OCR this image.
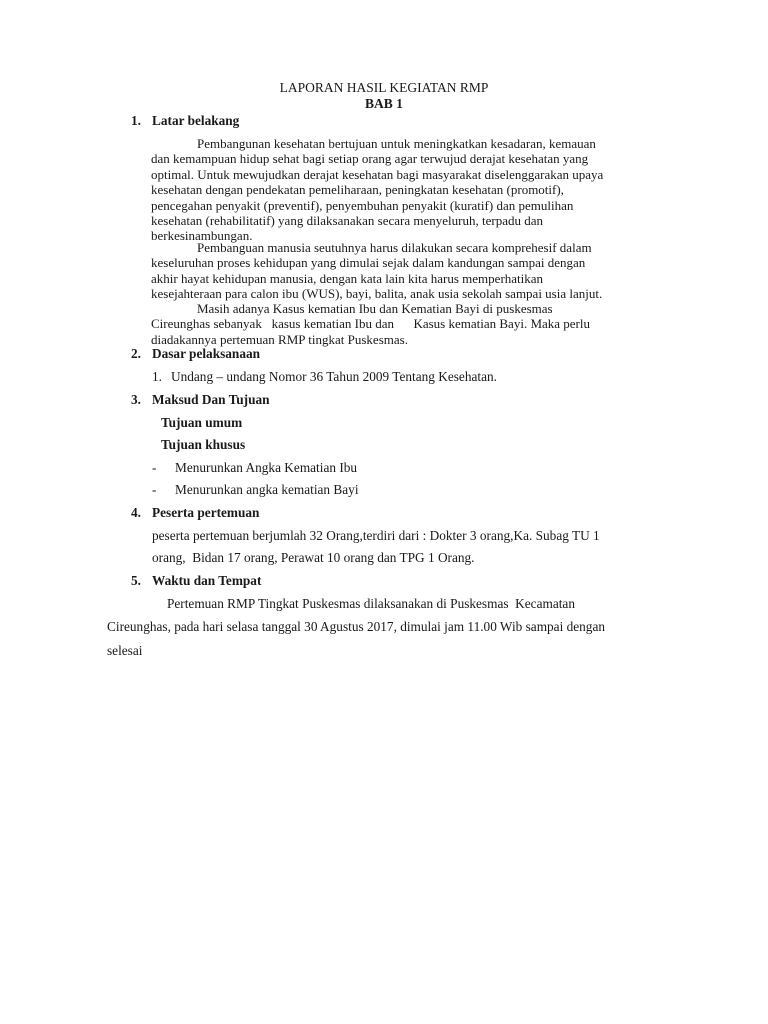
LAPORAN HASIL KEGIATAN RMP
BAB 1
1. Latar belakang
Pembangunan kesehatan bertujuan untuk meningkatkan kesadaran, kemauan
dan kemampuan hidup sehat bagi setiap orang agar terwujud derajat kesehatan yang
optimal. Untuk mewujudkan derajat kesehatan bagi masyarakat diselenggarakan upaya
kesehatan dengan pendekatan pemeliharaan, peningkatan kesehatan (promotif),
pencegahan penyakit (preventif), penyembuhan penyakit (kuratif) dan pemulihan
kesehatan (rehabilitatif) yang dilaksanakan secara menyeluruh, terpadu dan
berkesinambungan.
Pembanguan manusia seutuhnya harus dilakukan secara komprehesif dalam
keseluruhan proses kehidupan yang dimulai sejak dalam kandungan sampai dengan
akhir hayat kehidupan manusia, dengan kata lain kita harus memperhatikan
kesejahteraan para calon ibu (WUS), bayi, balita, anak usia sekolah sampai usia lanjut.
Masih adanya Kasus kematian Ibu dan Kematian Bayi di puskesmas
Cireunghas sebanyak   kasus kematian Ibu dan      Kasus kematian Bayi. Maka perlu
diadakannya pertemuan RMP tingkat Puskesmas.
2. Dasar pelaksanaan
1. Undang – undang Nomor 36 Tahun 2009 Tentang Kesehatan.
3. Maksud Dan Tujuan
Tujuan umum
Tujuan khusus
- Menurunkan Angka Kematian Ibu
- Menurunkan angka kematian Bayi
4. Peserta pertemuan
peserta pertemuan berjumlah 32 Orang,terdiri dari : Dokter 3 orang,Ka. Subag TU 1
orang,  Bidan 17 orang, Perawat 10 orang dan TPG 1 Orang.
5. Waktu dan Tempat
Pertemuan RMP Tingkat Puskesmas dilaksanakan di Puskesmas  Kecamatan
Cireunghas, pada hari selasa tanggal 30 Agustus 2017, dimulai jam 11.00 Wib sampai dengan
selesai
